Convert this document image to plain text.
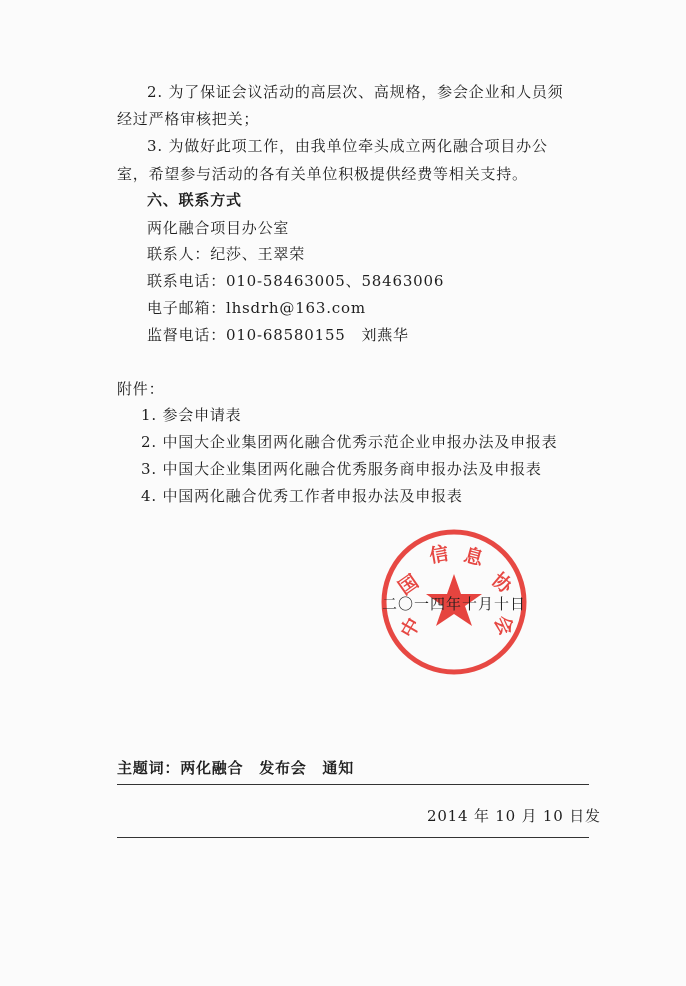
2. 为了保证会议活动的高层次、高规格，参会企业和人员须
经过严格审核把关；
3. 为做好此项工作，由我单位牵头成立两化融合项目办公
室，希望参与活动的各有关单位积极提供经费等相关支持。
六、联系方式
两化融合项目办公室
联系人：纪莎、王翠荣
联系电话：010-58463005、58463006
电子邮箱：lhsdrh@163.com
监督电话：010-68580155　刘燕华
附件：
1. 参会申请表
2. 中国大企业集团两化融合优秀示范企业申报办法及申报表
3. 中国大企业集团两化融合优秀服务商申报办法及申报表
4. 中国两化融合优秀工作者申报办法及申报表
中
国
信 息
协
会
二〇一四年十月十日
主题词：两化融合　发布会　通知
2014 年 10 月 10 日发
